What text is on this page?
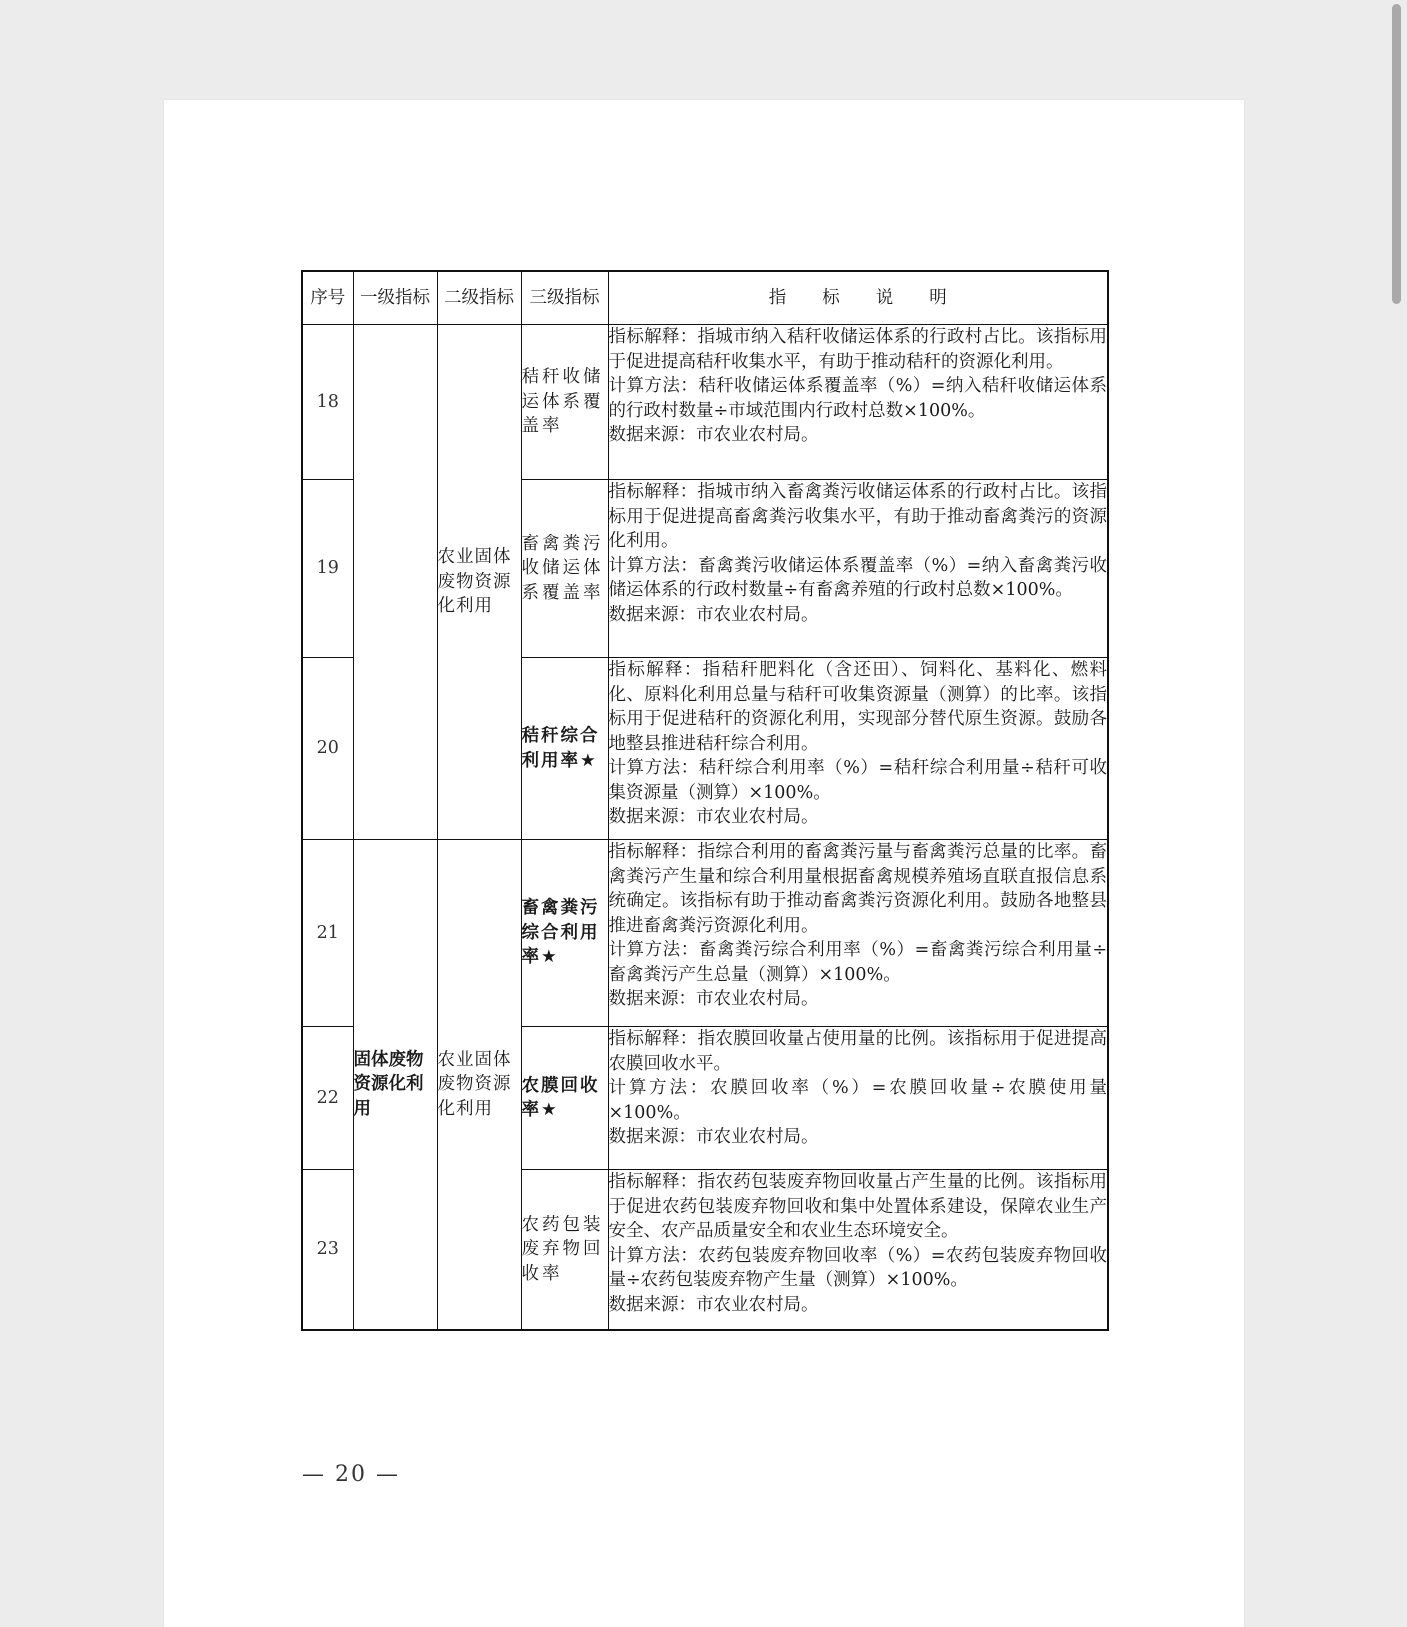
序号	一级指标	二级指标	三级指标	指 标 说 明
18		农业固体废物资源化利用	秸秆收储运体系覆盖率	指标解释：指城市纳入秸秆收储运体系的行政村占比。该指标用于促进提高秸秆收集水平，有助于推动秸秆的资源化利用。

计算方法：秸秆收储运体系覆盖率（%）=纳入秸秆收储运体系的行政村数量÷市域范围内行政村总数×100%。

数据来源：市农业农村局。

19			畜禽粪污收储运体系覆盖率	指标解释：指城市纳入畜禽粪污收储运体系的行政村占比。该指标用于促进提高畜禽粪污收集水平，有助于推动畜禽粪污的资源化利用。

计算方法：畜禽粪污收储运体系覆盖率（%）=纳入畜禽粪污收储运体系的行政村数量÷有畜禽养殖的行政村总数×100%。

数据来源：市农业农村局。

20			秸秆综合利用率★	指标解释：指秸秆肥料化（含还田）、饲料化、基料化、燃料化、原料化利用总量与秸秆可收集资源量（测算）的比率。该指标用于促进秸秆的资源化利用，实现部分替代原生资源。鼓励各地整县推进秸秆综合利用。

计算方法：秸秆综合利用率（%）=秸秆综合利用量÷秸秆可收集资源量（测算）×100%。

数据来源：市农业农村局。

21	固体废物资源化利用	农业固体废物资源化利用	畜禽粪污综合利用率★	指标解释：指综合利用的畜禽粪污量与畜禽粪污总量的比率。畜禽粪污产生量和综合利用量根据畜禽规模养殖场直联直报信息系统确定。该指标有助于推动畜禽粪污资源化利用。鼓励各地整县推进畜禽粪污资源化利用。

计算方法：畜禽粪污综合利用率（%）=畜禽粪污综合利用量÷畜禽粪污产生总量（测算）×100%。

数据来源：市农业农村局。

22			农膜回收率★	指标解释：指农膜回收量占使用量的比例。该指标用于促进提高农膜回收水平。

计算方法：农膜回收率（%）=农膜回收量÷农膜使用量×100%。

数据来源：市农业农村局。

23			农药包装废弃物回收率	指标解释：指农药包装废弃物回收量占产生量的比例。该指标用于促进农药包装废弃物回收和集中处置体系建设，保障农业生产安全、农产品质量安全和农业生态环境安全。

计算方法：农药包装废弃物回收率（%）=农药包装废弃物回收量÷农药包装废弃物产生量（测算）×100%。

数据来源：市农业农村局。

— 20 —
